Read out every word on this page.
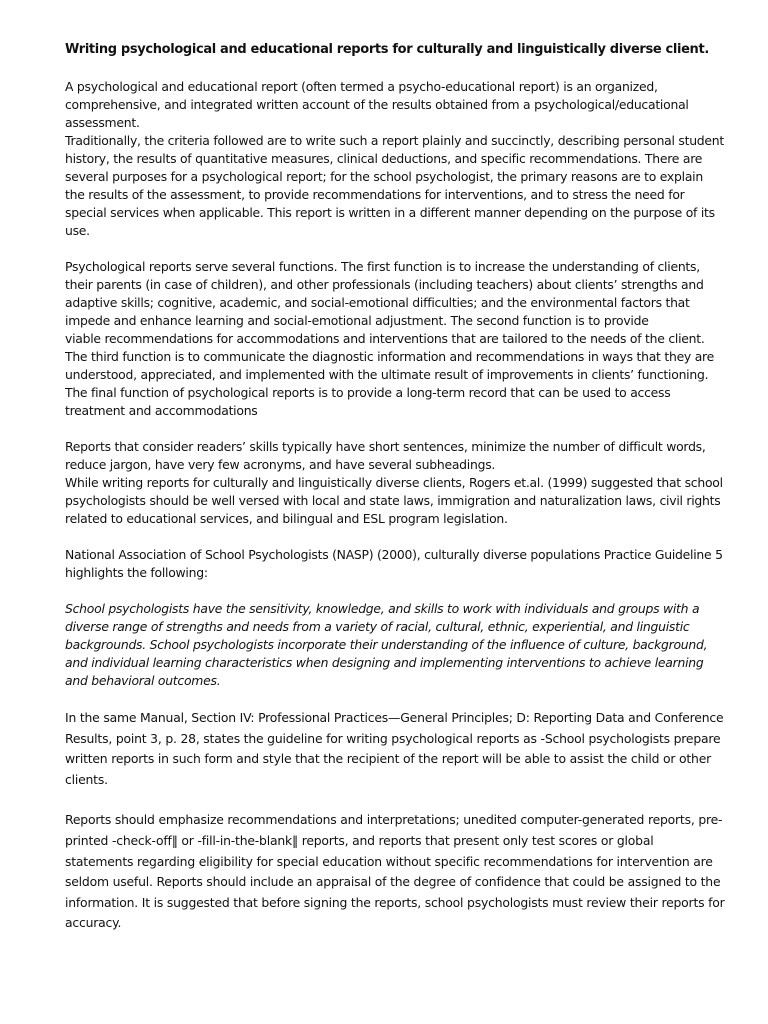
Writing psychological and educational reports for culturally and linguistically diverse client.

A psychological and educational report (often termed a psycho-educational report) is an organized, comprehensive, and integrated written account of the results obtained from a psychological/educational assessment.
Traditionally, the criteria followed are to write such a report plainly and succinctly, describing personal student history, the results of quantitative measures, clinical deductions, and specific recommendations. There are several purposes for a psychological report; for the school psychologist, the primary reasons are to explain the results of the assessment, to provide recommendations for interventions, and to stress the need for special services when applicable. This report is written in a different manner depending on the purpose of its use.

Psychological reports serve several functions. The first function is to increase the understanding of clients, their parents (in case of children), and other professionals (including teachers) about clients’ strengths and adaptive skills; cognitive, academic, and social-emotional difficulties; and the environmental factors that impede and enhance learning and social-emotional adjustment. The second function is to provide
viable recommendations for accommodations and interventions that are tailored to the needs of the client. The third function is to communicate the diagnostic information and recommendations in ways that they are understood, appreciated, and implemented with the ultimate result of improvements in clients’ functioning. The final function of psychological reports is to provide a long-term record that can be used to access treatment and accommodations

Reports that consider readers’ skills typically have short sentences, minimize the number of difficult words, reduce jargon, have very few acronyms, and have several subheadings.
While writing reports for culturally and linguistically diverse clients, Rogers et.al. (1999) suggested that school psychologists should be well versed with local and state laws, immigration and naturalization laws, civil rights related to educational services, and bilingual and ESL program legislation.

National Association of School Psychologists (NASP) (2000), culturally diverse populations Practice Guideline 5 highlights the following:

School psychologists have the sensitivity, knowledge, and skills to work with individuals and groups with a diverse range of strengths and needs from a variety of racial, cultural, ethnic, experiential, and linguistic backgrounds. School psychologists incorporate their understanding of the influence of culture, background, and individual learning characteristics when designing and implementing interventions to achieve learning and behavioral outcomes.

In the same Manual, Section IV: Professional Practices—General Principles; D: Reporting Data and Conference Results, point 3, p. 28, states the guideline for writing psychological reports as -School psychologists prepare written reports in such form and style that the recipient of the report will be able to assist the child or other clients.

Reports should emphasize recommendations and interpretations; unedited computer-generated reports, pre-printed -check-off‖ or -fill-in-the-blank‖ reports, and reports that present only test scores or global statements regarding eligibility for special education without specific recommendations for intervention are seldom useful. Reports should include an appraisal of the degree of confidence that could be assigned to the information. It is suggested that before signing the reports, school psychologists must review their reports for accuracy.
